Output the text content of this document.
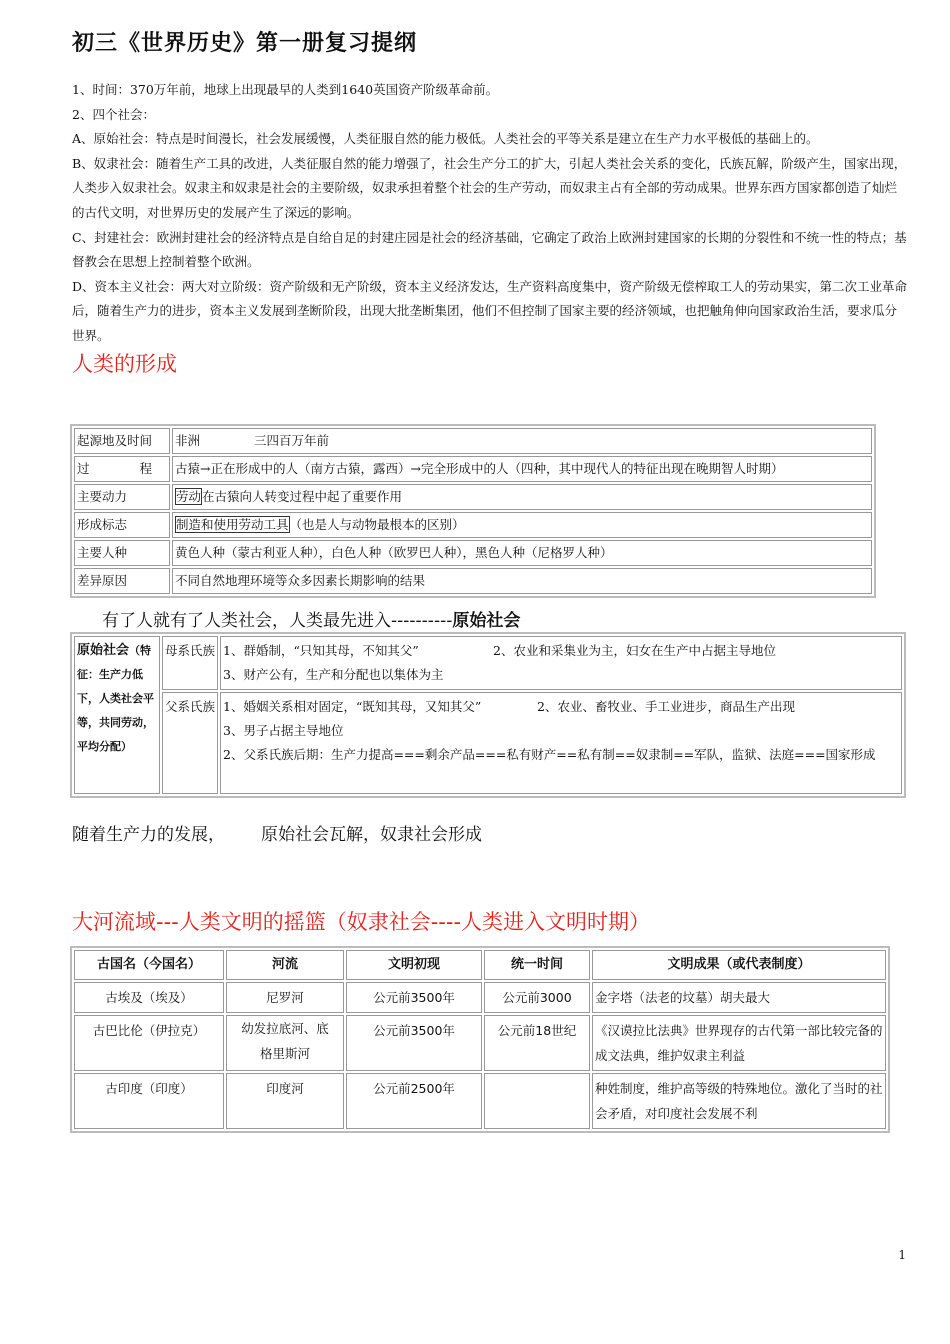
初三《世界历史》第一册复习提纲

1、时间：370万年前，地球上出现最早的人类到1640英国资产阶级革命前。

2、四个社会：

A、原始社会：特点是时间漫长，社会发展缓慢，人类征服自然的能力极低。人类社会的平等关系是建立在生产力水平极低的基础上的。

B、奴隶社会：随着生产工具的改进，人类征服自然的能力增强了，社会生产分工的扩大，引起人类社会关系的变化，氏族瓦解，阶级产生，国家出现，人类步入奴隶社会。奴隶主和奴隶是社会的主要阶级，奴隶承担着整个社会的生产劳动，而奴隶主占有全部的劳动成果。世界东西方国家都创造了灿烂的古代文明，对世界历史的发展产生了深远的影响。

C、封建社会：欧洲封建社会的经济特点是自给自足的封建庄园是社会的经济基础，它确定了政治上欧洲封建国家的长期的分裂性和不统一性的特点；基督教会在思想上控制着整个欧洲。

D、资本主义社会：两大对立阶级：资产阶级和无产阶级，资本主义经济发达，生产资料高度集中，资产阶级无偿榨取工人的劳动果实，第二次工业革命后，随着生产力的进步，资本主义发展到垄断阶段，出现大批垄断集团，他们不但控制了国家主要的经济领域，也把触角伸向国家政治生活，要求瓜分世界。

人类的形成
起源地及时间	非洲 三四百万年前

过 程	古猿→正在形成中的人（南方古猿，露西）→完全形成中的人（四种，其中现代人的特征出现在晚期智人时期）
主要动力	劳动在古猿向人转变过程中起了重要作用
形成标志	制造和使用劳动工具（也是人与动物最根本的区别）
主要人种	黄色人种（蒙古利亚人种），白色人种（欧罗巴人种），黑色人种（尼格罗人种）
差异原因	不同自然地理环境等众多因素长期影响的结果
有了人就有了人类社会，人类最先进入----------原始社会
原始社会（特征：生产力低下，人类社会平等，共同劳动，平均分配）	母系氏族	1、群婚制，“只知其母，不知其父” 2、农业和采集业为主，妇女在生产中占据主导地位
3、财产公有，生产和分配也以集体为主

	父系氏族	1、婚姻关系相对固定，“既知其母，又知其父” 2、农业、畜牧业、手工业进步，商品生产出现
3、男子占据主导地位
2、父系氏族后期：生产力提高===剩余产品===私有财产==私有制==奴隶制==军队，监狱、法庭===国家形成
随着生产力的发展， 原始社会瓦解，奴隶社会形成
大河流域---人类文明的摇篮（奴隶社会----人类进入文明时期）
古国名（今国名）	河流	文明初现	统一时间	文明成果（或代表制度）
古埃及（埃及）	尼罗河	公元前3500年	公元前3000	金字塔（法老的坟墓）胡夫最大
古巴比伦（伊拉克）	幼发拉底河、底格里斯河	公元前3500年	公元前18世纪	《汉谟拉比法典》世界现存的古代第一部比较完备的成文法典，维护奴隶主利益
古印度（印度）	印度河	公元前2500年		种姓制度，维护高等级的特殊地位。激化了当时的社会矛盾，对印度社会发展不利
1
